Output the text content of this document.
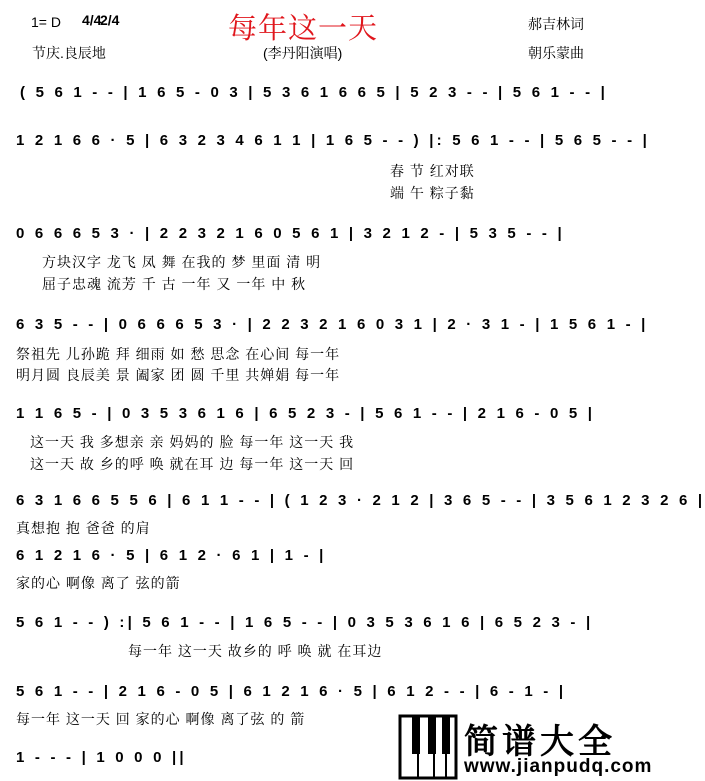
每年这一天
1= D 4/4
2/4
节庆.良辰地	(李丹阳演唱)
郝吉林词
朝乐蒙曲
( 5 6 1 - - | 1 6 5 - 0 3 | 5 3 6 1 6 6 5 | 5 2 3 - - | 5 6 1 - - |
1 2 1 6 6 · 5 | 6 3 2 3 4 6 1 1 | 1 6 5 - - ) |: 5 6 1 - - | 5 6 5 - - |
春 节 红对联
端 午 粽子黏
0 6 6 6 5 3 · | 2 2 3 2 1 6 0 5 6 1 | 3 2 1 2 - | 5 3 5 - - |
方块汉字 龙飞 凤 舞 在我的 梦 里面 清 明
屈子忠魂 流芳 千 古 一年 又 一年 中 秋
6 3 5 - - | 0 6 6 6 5 3 · | 2 2 3 2 1 6 0 3 1 | 2 · 3 1 - | 1 5 6 1 - |
祭祖先 儿孙跪 拜 细雨 如 愁 思念 在心间 每一年
明月圆 良辰美 景 阖家 团 圆 千里 共婵娟 每一年
1 1 6 5 - | 0 3 5 3 6 1 6 | 6 5 2 3 - | 5 6 1 - - | 2 1 6 - 0 5 |
这一天 我 多想亲 亲 妈妈的 脸 每一年 这一天 我
这一天 故 乡的呼 唤 就在耳 边 每一年 这一天 回
6 3 1 6 6 5 5 6 | 6 1 1 - - | ( 1 2 3 · 2 1 2 | 3 6 5 - - | 3 5 6 1 2 3 2 6 |
真想抱 抱 爸爸 的肩
6 1 2 1 6 · 5 | 6 1 2 · 6 1 | 1 - |
家的心 啊像 离了 弦的箭
5 6 1 - - ) :| 5 6 1 - - | 1 6 5 - - | 0 3 5 3 6 1 6 | 6 5 2 3 - |
每一年 这一天 故乡的 呼 唤 就 在耳边
5 6 1 - - | 2 1 6 - 0 5 | 6 1 2 1 6 · 5 | 6 1 2 - - | 6 - 1 - |
每一年 这一天 回 家的心 啊像 离了弦 的 箭
1 - - - | 1 0 0 0 ||	简谱大全
www.jianpudq.com
